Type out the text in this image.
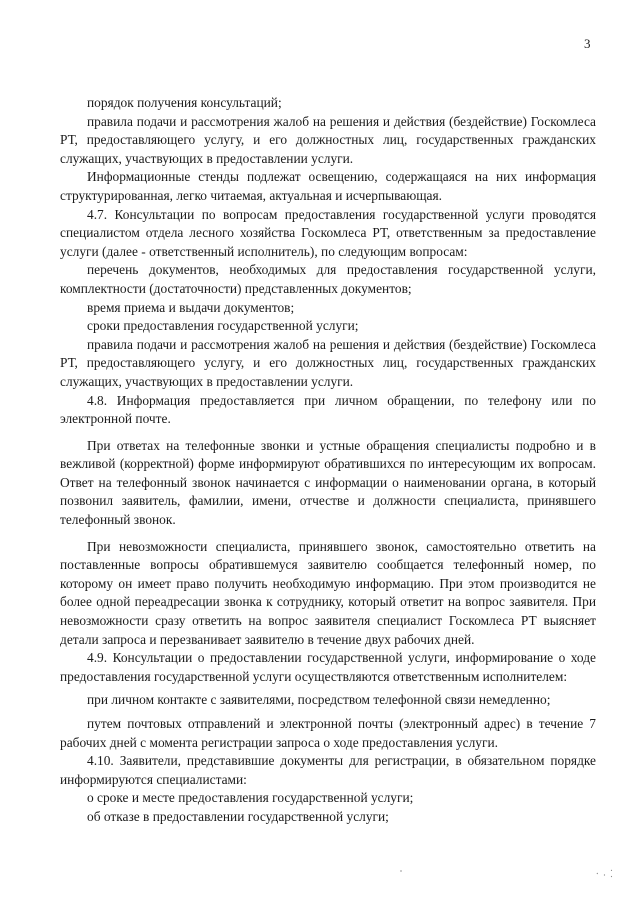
3

порядок получения консультаций;

правила подачи и рассмотрения жалоб на решения и действия (бездействие) Госкомлеса РТ, предоставляющего услугу, и его должностных лиц, государственных гражданских служащих, участвующих в предоставлении услуги.

Информационные стенды подлежат освещению, содержащаяся на них информация структурированная, легко читаемая, актуальная и исчерпывающая.

4.7. Консультации по вопросам предоставления государственной услуги проводятся специалистом отдела лесного хозяйства Госкомлеса РТ, ответственным за предоставление услуги (далее - ответственный исполнитель), по следующим вопросам:

перечень документов, необходимых для предоставления государственной услуги, комплектности (достаточности) представленных документов;

время приема и выдачи документов;

сроки предоставления государственной услуги;

правила подачи и рассмотрения жалоб на решения и действия (бездействие) Госкомлеса РТ, предоставляющего услугу, и его должностных лиц, государственных гражданских служащих, участвующих в предоставлении услуги.

4.8. Информация предоставляется при личном обращении, по телефону или по электронной почте.

При ответах на телефонные звонки и устные обращения специалисты подробно и в вежливой (корректной) форме информируют обратившихся по интересующим их вопросам. Ответ на телефонный звонок начинается с информации о наименовании органа, в который позвонил заявитель, фамилии, имени, отчестве и должности специалиста, принявшего телефонный звонок.

При невозможности специалиста, принявшего звонок, самостоятельно ответить на поставленные вопросы обратившемуся заявителю сообщается телефонный номер, по которому он имеет право получить необходимую информацию. При этом производится не более одной переадресации звонка к сотруднику, который ответит на вопрос заявителя. При невозможности сразу ответить на вопрос заявителя специалист Госкомлеса РТ выясняет детали запроса и перезванивает заявителю в течение двух рабочих дней.

4.9. Консультации о предоставлении государственной услуги, информирование о ходе предоставления государственной услуги осуществляются ответственным исполнителем:

при личном контакте с заявителями, посредством телефонной связи немедленно;

путем почтовых отправлений и электронной почты (электронный адрес) в течение 7 рабочих дней с момента регистрации запроса о ходе предоставления услуги.

4.10. Заявители, представившие документы для регистрации, в обязательном порядке информируются специалистами:

о сроке и месте предоставления государственной услуги;

об отказе в предоставлении государственной услуги;

⸱ ⸳ ⁚
